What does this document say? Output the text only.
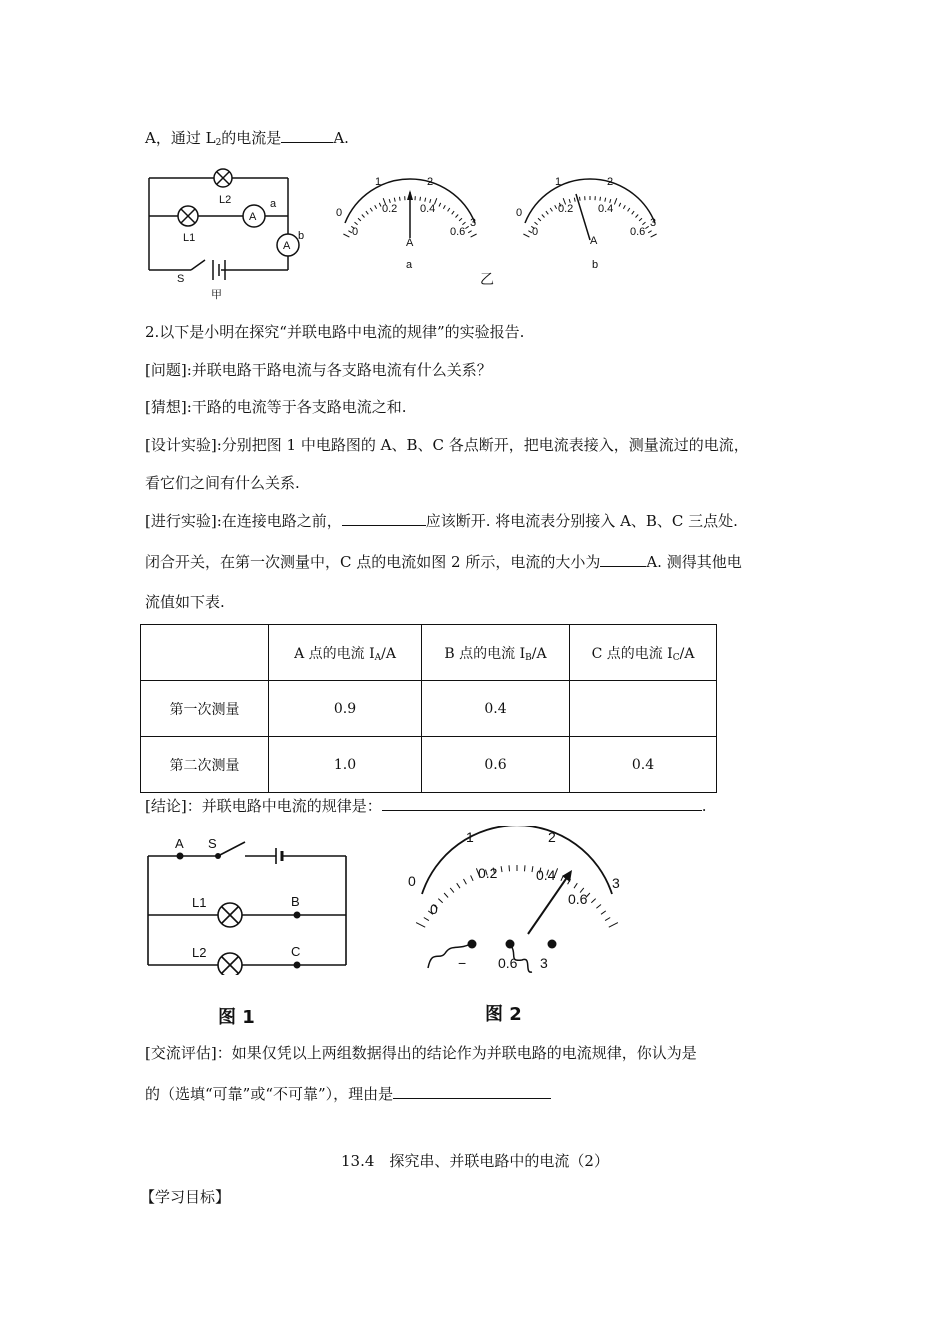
A，通过 $L_2$的电流是	A.
L2
L1
A
A
a
b
S
甲
0
1	2
3
0
0.2 0.4
0.6
A
a
0
1	2
3
0
0.2 0.4
0.6
A
b
乙
2.以下是小明在探究“并联电路中电流的规律”的实验报告.
[问题]:并联电路干路电流与各支路电流有什么关系？
[猜想]:干路的电流等于各支路电流之和.
[设计实验]:分别把图 1 中电路图的 A、B、C 各点断开，把电流表接入，测量流过的电流，
看它们之间有什么关系.
[进行实验]:在连接电路之前，	应该断开. 将电流表分别接入 A、B、C 三点处.
闭合开关，在第一次测量中，C 点的电流如图 2 所示，电流的大小为	A. 测得其他电
流值如下表.
	A 点的电流 $I_A/A$	B 点的电流 $I_B/A$	C 点的电流 $I_C/A$
第一次测量	0.9	0.4	
第二次测量	1.0	0.6	0.4
[结论]：并联电路中电流的规律是：	.
A S
L1	B
L2	C
图 1
0
1	2
3
0
0.2	0.4
0.6
− 0.6 3
图 2
[交流评估]：如果仅凭以上两组数据得出的结论作为并联电路的电流规律，你认为是
的（选填“可靠”或“不可靠”），理由是
13.4　探究串、并联电路中的电流（2）
【学习目标】
